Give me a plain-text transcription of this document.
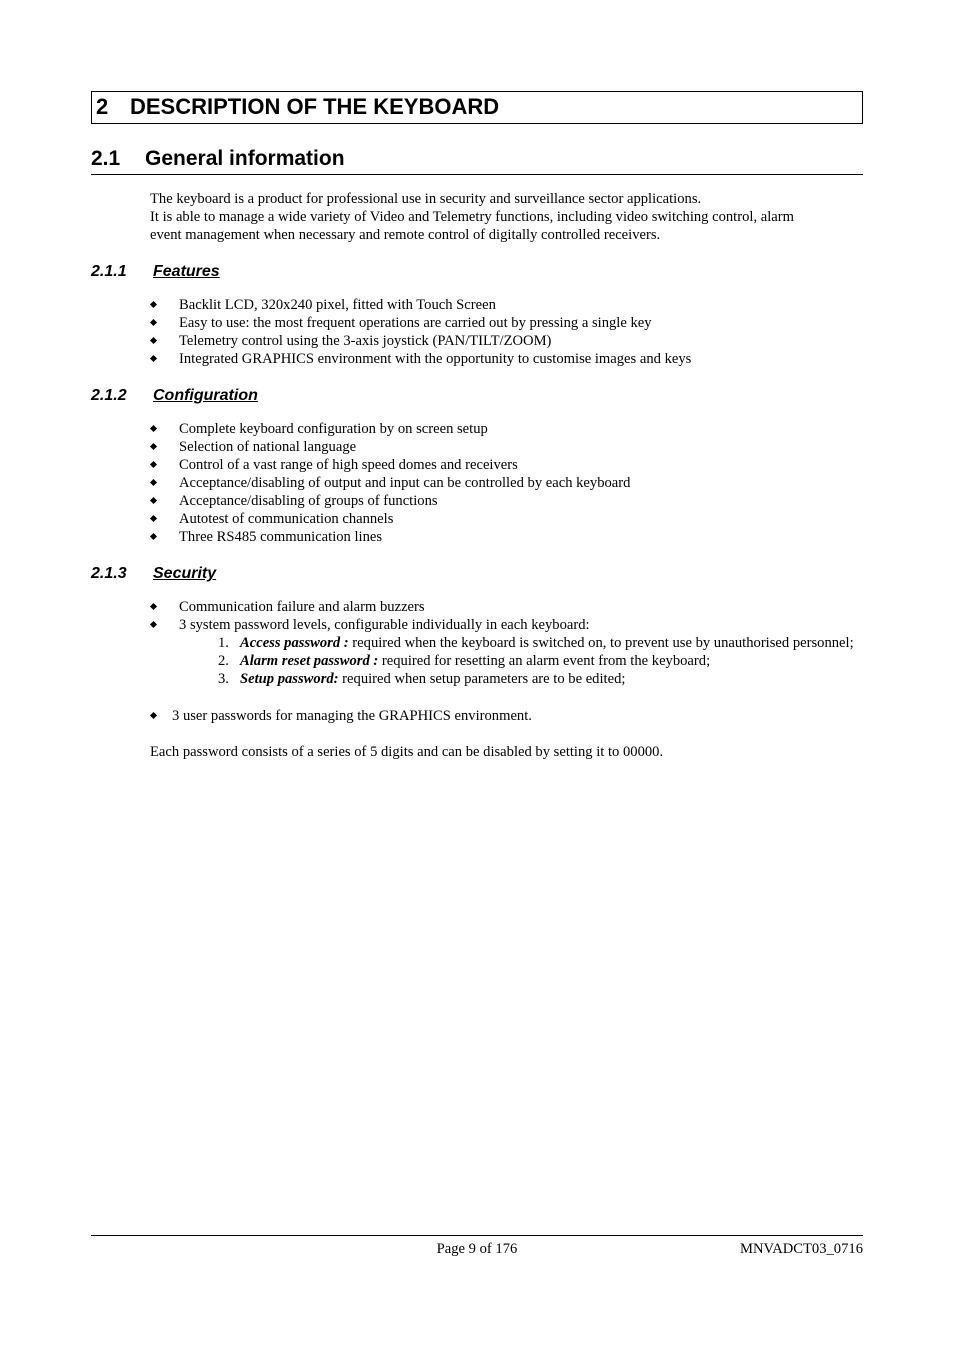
2 DESCRIPTION OF THE KEYBOARD
2.1 General information

The keyboard is a product for professional use in security and surveillance sector applications.

It is able to manage a wide variety of Video and Telemetry functions, including video switching control, alarm

event management when necessary and remote control of digitally controlled receivers.

2.1.1 Features
Backlit LCD, 320x240 pixel, fitted with Touch Screen
Easy to use: the most frequent operations are carried out by pressing a single key
Telemetry control using the 3-axis joystick (PAN/TILT/ZOOM)
Integrated GRAPHICS environment with the opportunity to customise images and keys
2.1.2 Configuration
Complete keyboard configuration by on screen setup
Selection of national language
Control of a vast range of high speed domes and receivers
Acceptance/disabling of output and input can be controlled by each keyboard
Acceptance/disabling of groups of functions
Autotest of communication channels
Three RS485 communication lines
2.1.3 Security
Communication failure and alarm buzzers
3 system password levels, configurable individually in each keyboard:
1. Access password : required when the keyboard is switched on, to prevent use by unauthorised personnel;
2. Alarm reset password : required for resetting an alarm event from the keyboard;
3. Setup password: required when setup parameters are to be edited;

3 user passwords for managing the GRAPHICS environment.

Each password consists of a series of 5 digits and can be disabled by setting it to 00000.

Page 9 of 176	MNVADCT03_0716
